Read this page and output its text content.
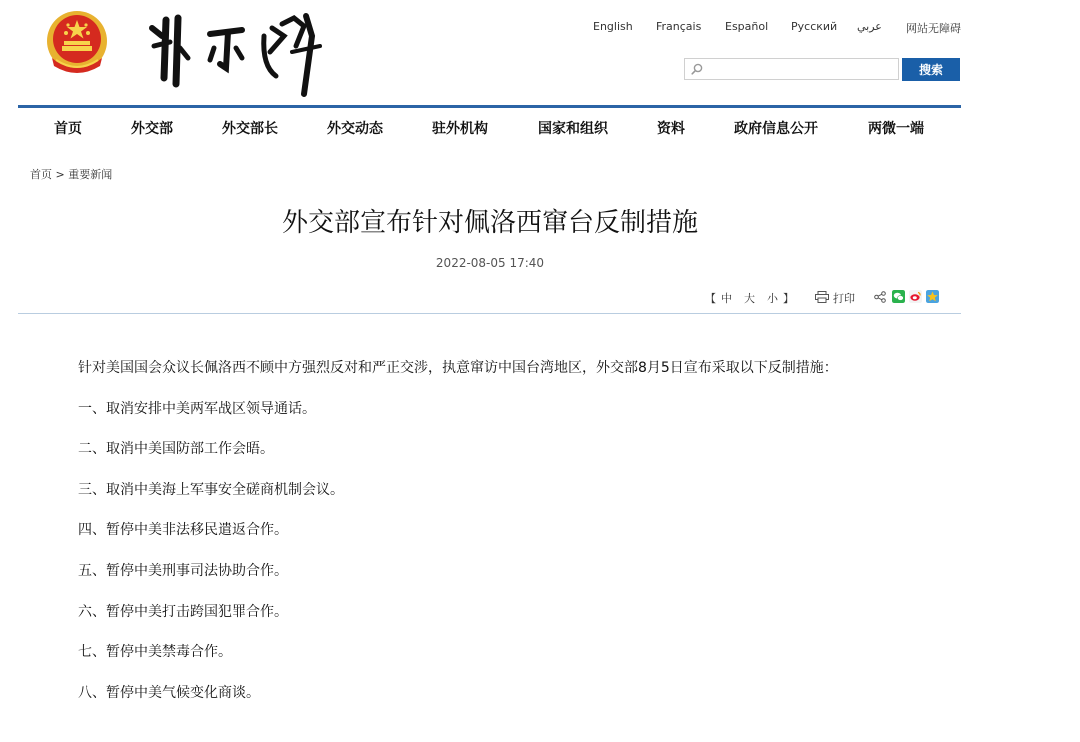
English Français Español Русский عربي 网站无障碍
搜索
首页	外交部	外交部长	外交动态	驻外机构	国家和组织	资料	政府信息公开	两微一端
首页 > 重要新闻
外交部宣布针对佩洛西窜台反制措施
2022-08-05 17:40
【 中 大 小 】	打印
针对美国国会众议长佩洛西不顾中方强烈反对和严正交涉，执意窜访中国台湾地区，外交部8月5日宣布采取以下反制措施：
一、取消安排中美两军战区领导通话。
二、取消中美国防部工作会晤。
三、取消中美海上军事安全磋商机制会议。
四、暂停中美非法移民遣返合作。
五、暂停中美刑事司法协助合作。
六、暂停中美打击跨国犯罪合作。
七、暂停中美禁毒合作。
八、暂停中美气候变化商谈。
